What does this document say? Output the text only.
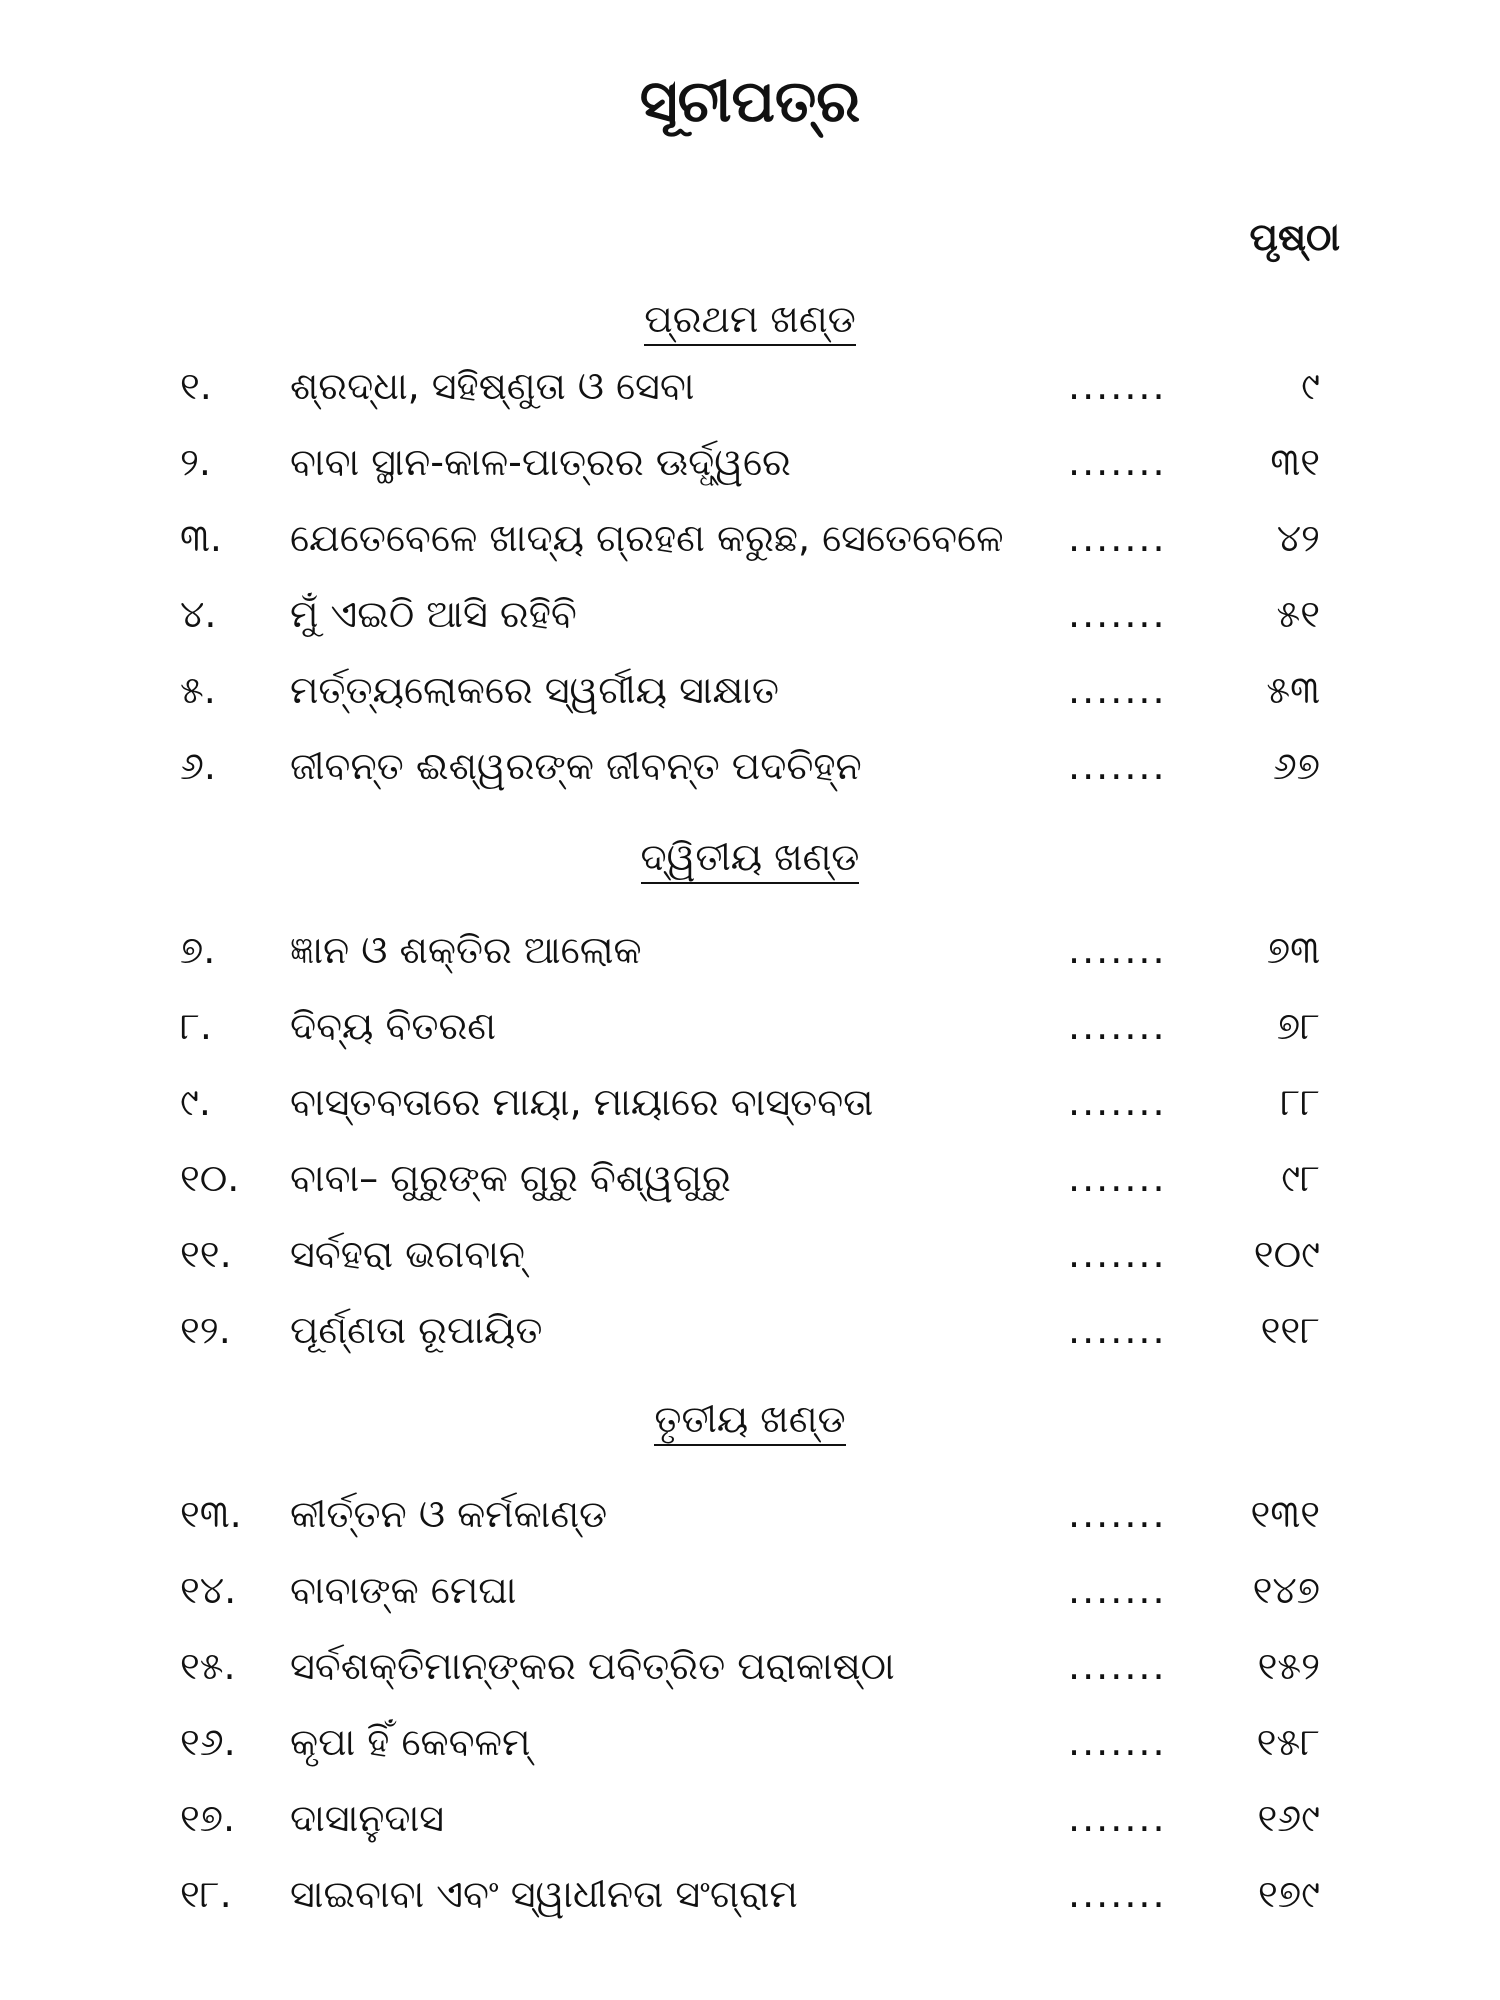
ସୂଚୀପତ୍ର
ପୃଷ୍ଠା
ପ୍ରଥମ ଖଣ୍ଡ
୧.	ଶ୍ରଦ୍ଧା, ସହିଷ୍ଣୁତା ଓ ସେବା	.......	୯
୨.	ବାବା ସ୍ଥାନ-କାଳ-ପାତ୍ରର ଊର୍ଦ୍ଧ୍ୱରେ	.......	୩୧
୩.	ଯେତେବେଳେ ଖାଦ୍ୟ ଗ୍ରହଣ କରୁଛ, ସେତେବେଳେ	.......	୪୨
୪.	ମୁଁ ଏଇଠି ଆସି ରହିବି	.......	୫୧
୫.	ମର୍ତ୍ତ୍ୟଲୋକରେ ସ୍ୱର୍ଗୀୟ ସାକ୍ଷାତ	.......	୫୩
୬.	ଜୀବନ୍ତ ଈଶ୍ୱରଙ୍କ ଜୀବନ୍ତ ପଦଚିହ୍ନ	.......	୬୭
ଦ୍ୱିତୀୟ ଖଣ୍ଡ
୭.	ଜ୍ଞାନ ଓ ଶକ୍ତିର ଆଲୋକ	.......	୭୩
୮.	ଦିବ୍ୟ ବିତରଣ	.......	୭୮
୯.	ବାସ୍ତବତାରେ ମାୟା, ମାୟାରେ ବାସ୍ତବତା	.......	୮୮
୧୦.	ବାବା– ଗୁରୁଙ୍କ ଗୁରୁ ବିଶ୍ୱଗୁରୁ	.......	୯୮
୧୧.	ସର୍ବହରା ଭଗବାନ୍	....... ୧୦୯
୧୨.	ପୂର୍ଣ୍ଣତା ରୂପାୟିତ	....... ୧୧୮
ତୃତୀୟ ଖଣ୍ଡ
୧୩.	କୀର୍ତ୍ତନ ଓ କର୍ମକାଣ୍ଡ	....... ୧୩୧
୧୪.	ବାବାଙ୍କ ମେଘା	....... ୧୪୭
୧୫.	ସର୍ବଶକ୍ତିମାନ୍‌ଙ୍କର ପବିତ୍ରିତ ପରାକାଷ୍ଠା	....... ୧୫୨
୧୬.	କୃପା ହିଁ କେବଳମ୍	....... ୧୫୮
୧୭.	ଦାସାନୁଦାସ	....... ୧୬୯
୧୮.	ସାଇବାବା ଏବଂ ସ୍ୱାଧୀନତା ସଂଗ୍ରାମ	....... ୧୭୯
